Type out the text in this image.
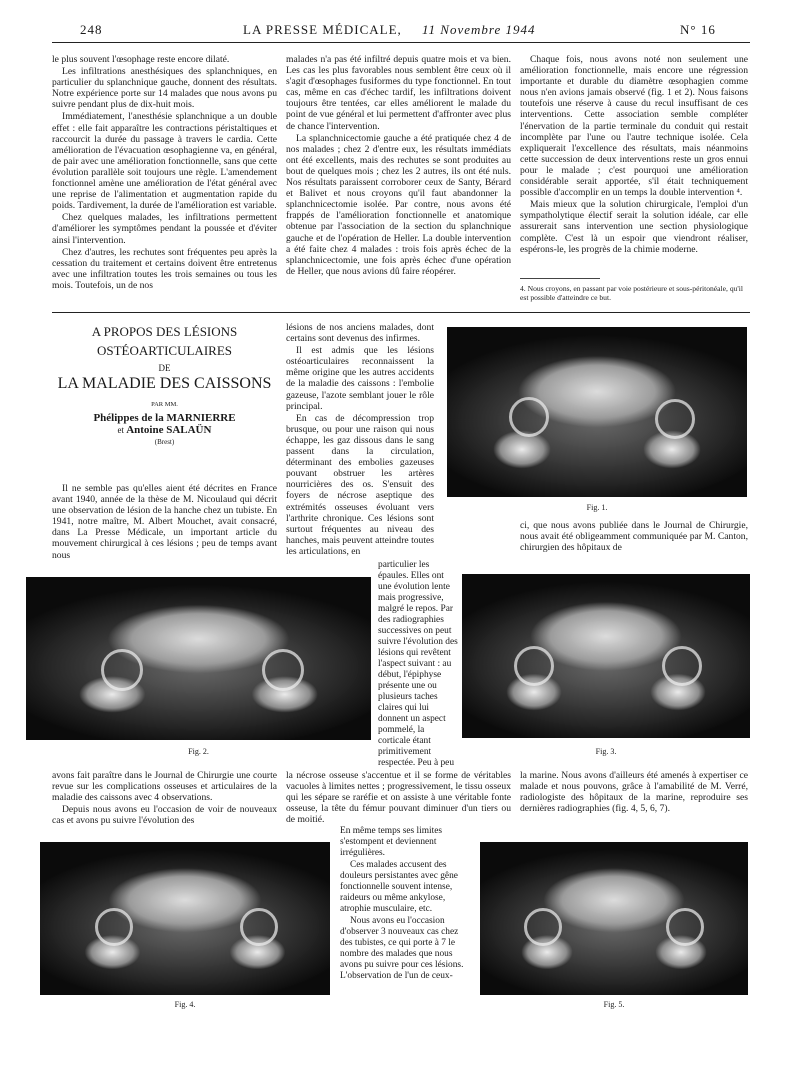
248	LA PRESSE MÉDICALE, 11 Novembre 1944	N° 16

le plus souvent l'œsophage reste encore dilaté.

Les infiltrations anesthésiques des splanchniques, en particulier du splanchnique gauche, donnent des résultats. Notre expérience porte sur 14 malades que nous avons pu suivre pendant plus de dix-huit mois.

Immédiatement, l'anesthésie splanchnique a un double effet : elle fait apparaître les contractions péristaltiques et raccourcit la durée du passage à travers le cardia. Cette amélioration de l'évacuation œsophagienne va, en général, de pair avec une amélioration fonctionnelle, sans que cette évolution parallèle soit toujours une règle. L'amendement fonctionnel amène une amélioration de l'état général avec une reprise de l'alimentation et augmentation rapide du poids. Tardivement, la durée de l'amélioration est variable.

Chez quelques malades, les infiltrations permettent d'améliorer les symptômes pendant la poussée et d'éviter ainsi l'intervention.

Chez d'autres, les rechutes sont fréquentes peu après la cessation du traitement et certains doivent être entretenus avec une infiltration toutes les trois semaines ou tous les mois. Toutefois, un de nos

malades n'a pas été infiltré depuis quatre mois et va bien. Les cas les plus favorables nous semblent être ceux où il s'agit d'œsophages fusiformes du type fonctionnel. En tout cas, même en cas d'échec tardif, les infiltrations doivent toujours être tentées, car elles améliorent le malade du point de vue général et lui permettent d'affronter avec plus de chance l'intervention.

La splanchnicectomie gauche a été pratiquée chez 4 de nos malades ; chez 2 d'entre eux, les résultats immédiats ont été excellents, mais des rechutes se sont produites au bout de quelques mois ; chez les 2 autres, ils ont été nuls. Nos résultats paraissent corroborer ceux de Santy, Bérard et Balivet et nous croyons qu'il faut abandonner la splanchnicectomie isolée. Par contre, nous avons été frappés de l'amélioration fonctionnelle et anatomique obtenue par l'association de la section du splanchnique gauche et de l'opération de Heller. La double intervention a été faite chez 4 malades : trois fois après échec de la splanchnicectomie, une fois après échec d'une opération de Heller, que nous avions dû faire réopérer.

Chaque fois, nous avons noté non seulement une amélioration fonctionnelle, mais encore une régression importante et durable du diamètre œsophagien comme nous n'en avions jamais observé (fig. 1 et 2). Nous faisons toutefois une réserve à cause du recul insuffisant de ces interventions. Cette association semble compléter l'énervation de la partie terminale du conduit qui restait incomplète par l'une ou l'autre technique isolée. Cela expliquerait l'excellence des résultats, mais néanmoins cette succession de deux interventions reste un gros ennui pour le malade ; c'est pourquoi une amélioration considérable serait apportée, s'il était techniquement possible d'accomplir en un temps la double intervention ⁴.

Mais mieux que la solution chirurgicale, l'emploi d'un sympatholytique électif serait la solution idéale, car elle assurerait sans intervention une section physiologique complète. C'est là un espoir que viendront réaliser, espérons-le, les progrès de la chimie moderne.

4. Nous croyons, en passant par voie postérieure et sous-péritonéale, qu'il est possible d'atteindre ce but.
A PROPOS DES LÉSIONS
OSTÉOARTICULAIRES
DE
LA MALADIE DES CAISSONS
PAR MM.
Phélippes de la MARNIERRE
et Antoine SALAÜN
(Brest)

Il ne semble pas qu'elles aient été décrites en France avant 1940, année de la thèse de M. Nicoulaud qui décrit une observation de lésion de la hanche chez un tubiste. En 1941, notre maître, M. Albert Mouchet, avait consacré, dans La Presse Médicale, un important article du mouvement chirurgical à ces lésions ; peu de temps avant nous

lésions de nos anciens malades, dont certains sont devenus des infirmes.

Il est admis que les lésions ostéoarticulaires reconnaissent la même origine que les autres accidents de la maladie des caissons : l'embolie gazeuse, l'azote semblant jouer le rôle principal.

En cas de décompression trop brusque, ou pour une raison qui nous échappe, les gaz dissous dans le sang passent dans la circulation, déterminant des embolies gazeuses pouvant obstruer les artères nourricières des os. S'ensuit des foyers de nécrose aseptique des extrémités osseuses évoluant vers l'arthrite chronique. Ces lésions sont surtout fréquentes au niveau des hanches, mais peuvent atteindre toutes les articulations, en

Fig. 1.

ci, que nous avons publiée dans le Journal de Chirurgie, nous avait été obligeamment communiquée par M. Canton, chirurgien des hôpitaux de

Fig. 2.

particulier les épaules. Elles ont une évolution lente mais progressive, malgré le repos. Par des radiographies successives on peut suivre l'évolution des lésions qui revêtent l'aspect suivant : au début, l'épiphyse présente une ou plusieurs taches claires qui lui donnent un aspect pommelé, la corticale étant primitivement respectée. Peu à peu

Fig. 3.

avons fait paraître dans le Journal de Chirurgie une courte revue sur les complications osseuses et articulaires de la maladie des caissons avec 4 observations.

Depuis nous avons eu l'occasion de voir de nouveaux cas et avons pu suivre l'évolution des

la nécrose osseuse s'accentue et il se forme de véritables vacuoles à limites nettes ; progressivement, le tissu osseux qui les sépare se raréfie et on assiste à une véritable fonte osseuse, la tête du fémur pouvant diminuer d'un tiers ou de moitié.

la marine. Nous avons d'ailleurs été amenés à expertiser ce malade et nous pouvons, grâce à l'amabilité de M. Verré, radiologiste des hôpitaux de la marine, reproduire ses dernières radiographies (fig. 4, 5, 6, 7).

Fig. 4.

En même temps ses limites s'estompent et deviennent irrégulières.

Ces malades accusent des douleurs persistantes avec gêne fonctionnelle souvent intense, raideurs ou même ankylose, atrophie musculaire, etc.

Nous avons eu l'occasion d'observer 3 nouveaux cas chez des tubistes, ce qui porte à 7 le nombre des malades que nous avons pu suivre pour ces lésions. L'observation de l'un de ceux-

Fig. 5.
